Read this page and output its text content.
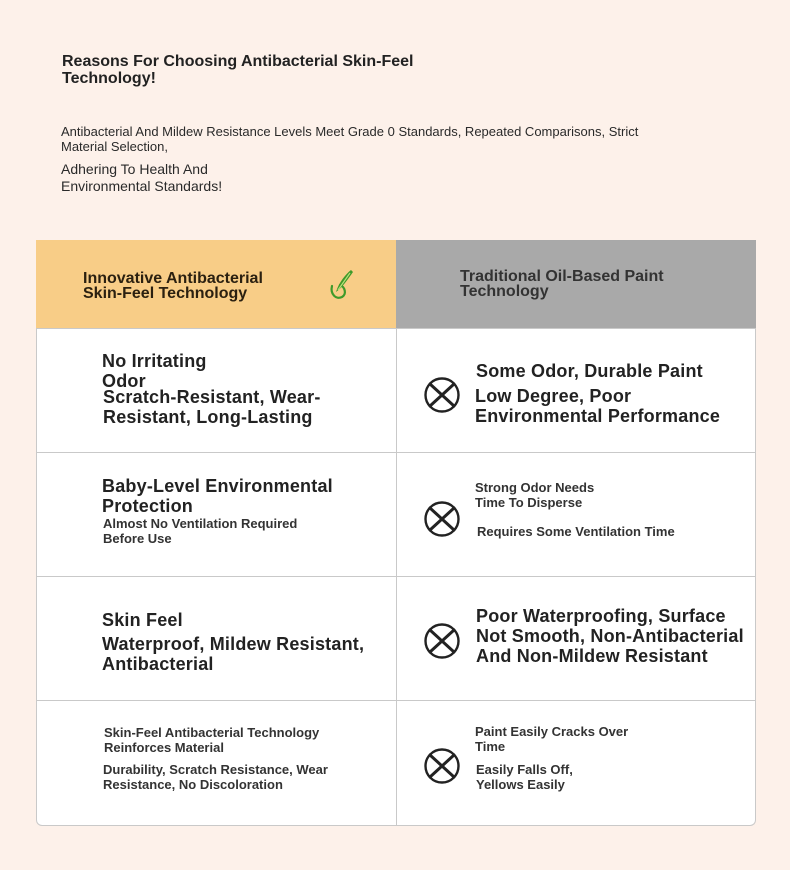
Reasons For Choosing Antibacterial Skin-Feel Technology!
Antibacterial And Mildew Resistance Levels Meet Grade 0 Standards, Repeated Comparisons, Strict Material Selection,
Adhering To Health And Environmental Standards!
Innovative Antibacterial Skin-Feel Technology
Traditional Oil-Based Paint Technology
No Irritating Odor
Scratch-Resistant, Wear-Resistant, Long-Lasting
Some Odor, Durable Paint
Low Degree, Poor Environmental Performance
Baby-Level Environmental Protection
Almost No Ventilation Required Before Use
Strong Odor Needs Time To Disperse
Requires Some Ventilation Time
Skin Feel
Waterproof, Mildew Resistant, Antibacterial
Poor Waterproofing, Surface Not Smooth, Non-Antibacterial And Non-Mildew Resistant
Skin-Feel Antibacterial Technology Reinforces Material
Durability, Scratch Resistance, Wear Resistance, No Discoloration
Paint Easily Cracks Over Time
Easily Falls Off, Yellows Easily
